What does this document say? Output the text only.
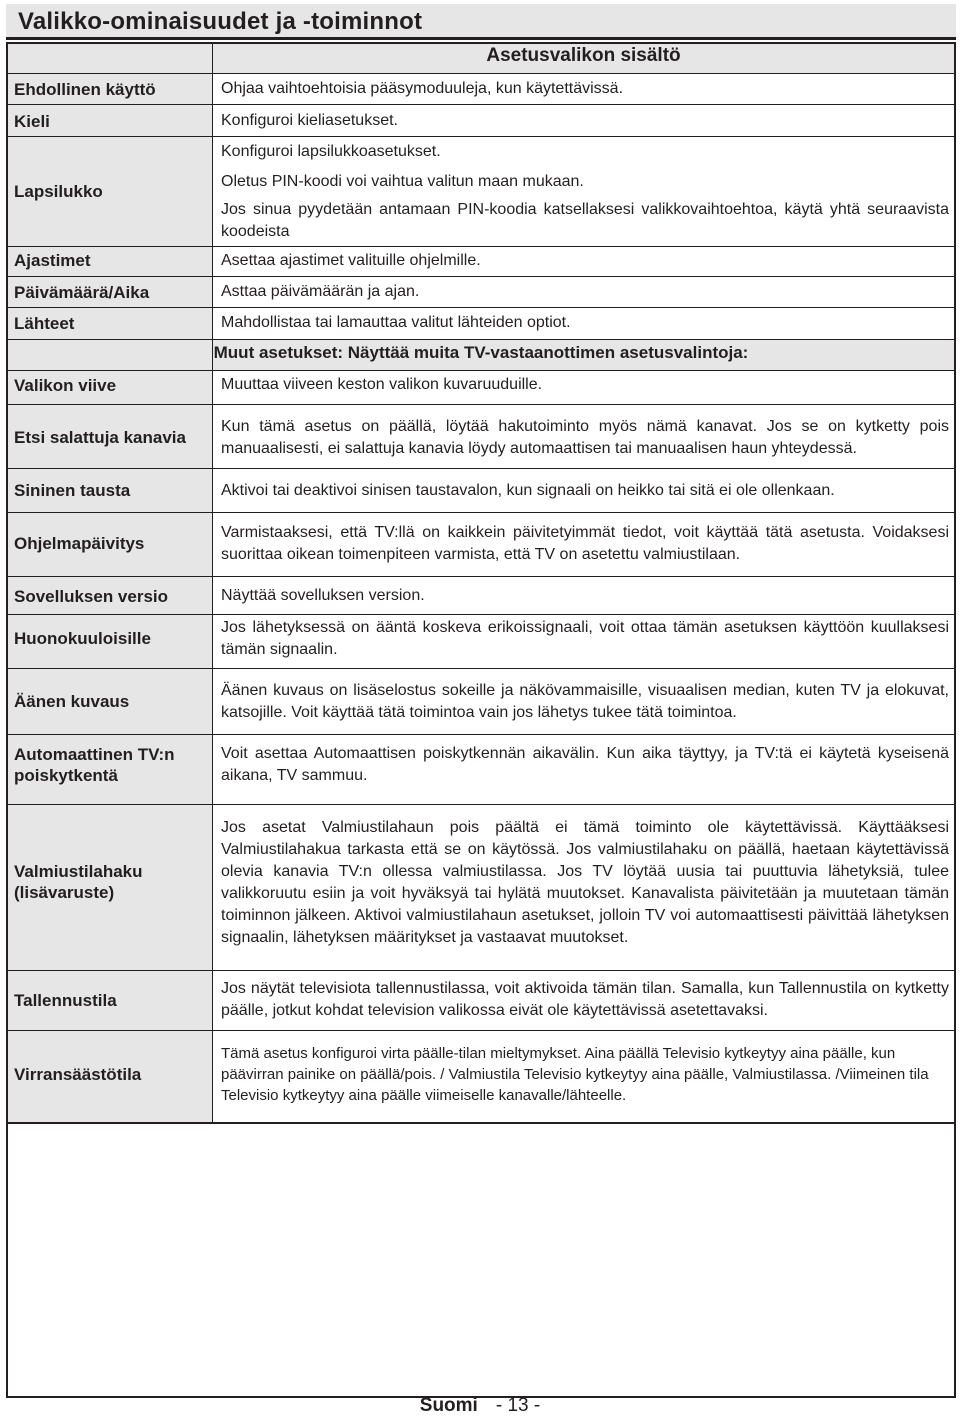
Valikko-ominaisuudet ja -toiminnot
Asetusvalikon sisältö
Muut asetukset: Näyttää muita TV-vastaanottimen asetusvalintoja:
Ehdollinen käyttö
Kieli
Lapsilukko
Ajastimet
Päivämäärä/Aika
Lähteet
Valikon viive
Etsi salattuja kanavia
Sininen tausta
Ohjelmapäivitys
Sovelluksen versio
Huonokuuloisille
Äänen kuvaus
Automaattinen TV:n poiskytkentä
Valmiustilahaku (lisävaruste)
Tallennustila
Virransäästötila
Ohjaa vaihtoehtoisia pääsymoduuleja, kun käytettävissä.
Konfiguroi kieliasetukset.
Konfiguroi lapsilukkoasetukset.
Oletus PIN-koodi voi vaihtua valitun maan mukaan.
Jos sinua pyydetään antamaan PIN-koodia katsellaksesi valikkovaihtoehtoa, käytä yhtä seuraavista koodeista
Asettaa ajastimet valituille ohjelmille.
Asttaa päivämäärän ja ajan.
Mahdollistaa tai lamauttaa valitut lähteiden optiot.
Muuttaa viiveen keston valikon kuvaruuduille.
Kun tämä asetus on päällä, löytää hakutoiminto myös nämä kanavat. Jos se on kytketty pois manuaalisesti, ei salattuja kanavia löydy automaattisen tai manuaalisen haun yhteydessä.
Aktivoi tai deaktivoi sinisen taustavalon, kun signaali on heikko tai sitä ei ole ollenkaan.
Varmistaaksesi, että TV:llä on kaikkein päivitetyimmät tiedot, voit käyttää tätä asetusta. Voidaksesi suorittaa oikean toimenpiteen varmista, että TV on asetettu valmiustilaan.
Näyttää sovelluksen version.
Jos lähetyksessä on ääntä koskeva erikoissignaali, voit ottaa tämän asetuksen käyttöön kuullaksesi tämän signaalin.
Äänen kuvaus on lisäselostus sokeille ja näkövammaisille, visuaalisen median, kuten TV ja elokuvat, katsojille. Voit käyttää tätä toimintoa vain jos lähetys tukee tätä toimintoa.
Voit asettaa Automaattisen poiskytkennän aikavälin. Kun aika täyttyy, ja TV:tä ei käytetä kyseisenä aikana, TV sammuu.
Jos asetat Valmiustilahaun pois päältä ei tämä toiminto ole käytettävissä. Käyttääksesi Valmiustilahakua tarkasta että se on käytössä. Jos valmiustilahaku on päällä, haetaan käytettävissä olevia kanavia TV:n ollessa valmiustilassa. Jos TV löytää uusia tai puuttuvia lähetyksiä, tulee valikkoruutu esiin ja voit hyväksyä tai hylätä muutokset. Kanavalista päivitetään ja muutetaan tämän toiminnon jälkeen. Aktivoi valmiustilahaun asetukset, jolloin TV voi automaattisesti päivittää lähetyksen signaalin, lähetyksen määritykset ja vastaavat muutokset.
Jos näytät televisiota tallennustilassa, voit aktivoida tämän tilan. Samalla, kun Tallennustila on kytketty päälle, jotkut kohdat television valikossa eivät ole käytettävissä asetettavaksi.
Tämä asetus konfiguroi virta päälle-tilan mieltymykset. Aina päällä Televisio kytkeytyy aina päälle, kun päävirran painike on päällä/pois. / Valmiustila Televisio kytkeytyy aina päälle, Valmiustilassa. /Viimeinen tila Televisio kytkeytyy aina päälle viimeiselle kanavalle/lähteelle.
Suomi - 13 -
